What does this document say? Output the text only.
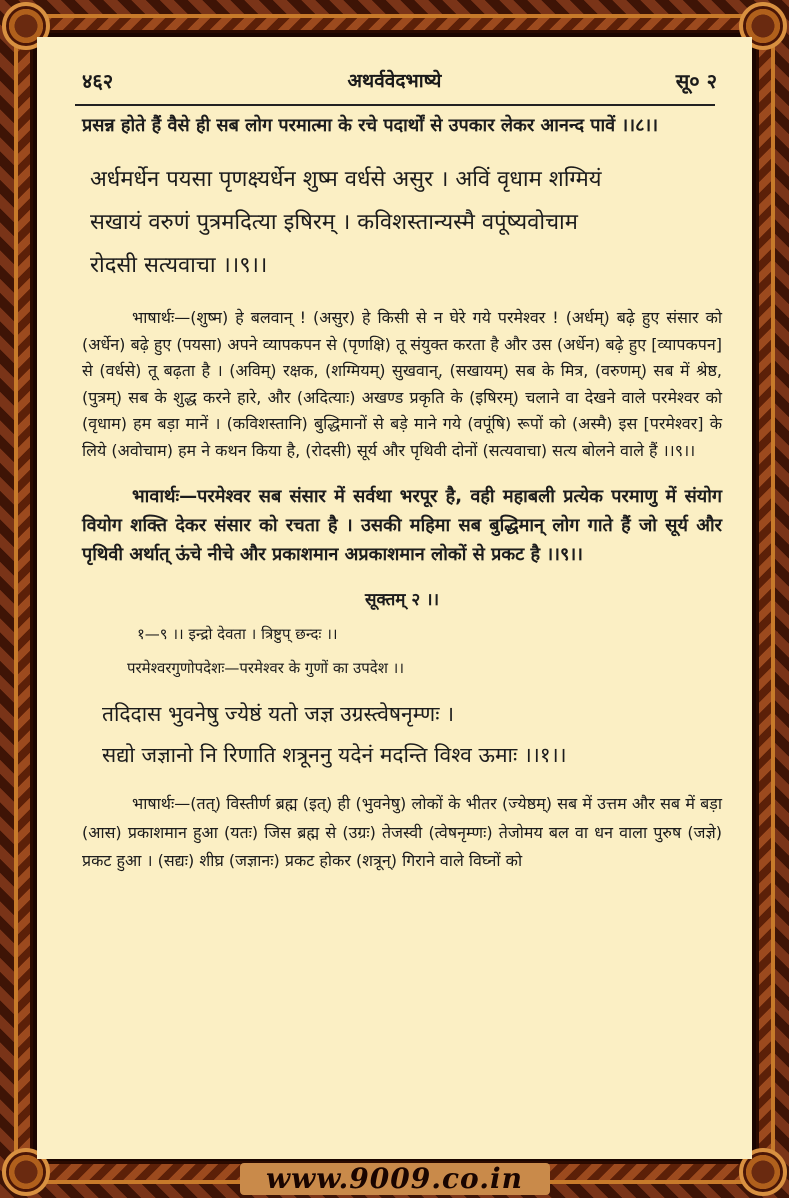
४६२	अथर्ववेदभाष्ये	सू० २

प्रसन्न होते हैं वैसे ही सब लोग परमात्मा के रचे पदार्थों से उपकार लेकर आनन्द पावें ।।८।।

अर्धमर्धेन पयसा पृणक्ष्यर्धेन शुष्म वर्धसे असुर । अविं वृधाम शग्मियं
सखायं वरुणं पुत्रमदित्या इषिरम् । कविशस्तान्यस्मै वपूंष्यवोचाम
रोदसी सत्यवाचा ।।९।।

भाषार्थः—(शुष्म) हे बलवान् ! (असुर) हे किसी से न घेरे गये परमेश्वर ! (अर्धम्) बढ़े हुए संसार को (अर्धेन) बढ़े हुए (पयसा) अपने व्यापकपन से (पृणक्षि) तू संयुक्त करता है और उस (अर्धेन) बढ़े हुए [व्यापकपन] से (वर्धसे) तू बढ़ता है । (अविम्) रक्षक, (शग्मियम्) सुखवान्, (सखायम्) सब के मित्र, (वरुणम्) सब में श्रेष्ठ, (पुत्रम्) सब के शुद्ध करने हारे, और (अदित्याः) अखण्ड प्रकृति के (इषिरम्) चलाने वा देखने वाले परमेश्वर को (वृधाम) हम बड़ा मानें । (कविशस्तानि) बुद्धिमानों से बड़े माने गये (वपूंषि) रूपों को (अस्मै) इस [परमेश्वर] के लिये (अवोचाम) हम ने कथन किया है, (रोदसी) सूर्य और पृथिवी दोनों (सत्यवाचा) सत्य बोलने वाले हैं ।।९।।

भावार्थः—परमेश्वर सब संसार में सर्वथा भरपूर है, वही महाबली प्रत्येक परमाणु में संयोग वियोग शक्ति देकर संसार को रचता है । उसकी महिमा सब बुद्धिमान् लोग गाते हैं जो सूर्य और पृथिवी अर्थात् ऊंचे नीचे और प्रकाशमान अप्रकाशमान लोकों से प्रकट है ।।९।।

सूक्तम् २ ।।

१—९ ।। इन्द्रो देवता । त्रिष्टुप् छन्दः ।।

परमेश्वरगुणोपदेशः—परमेश्वर के गुणों का उपदेश ।।

तदिदास भुवनेषु ज्येष्ठं यतो जज्ञ उग्रस्त्वेषनृम्णः ।
सद्यो जज्ञानो नि रिणाति शत्रूननु यदेनं मदन्ति विश्व ऊमाः ।।१।।

भाषार्थः—(तत्) विस्तीर्ण ब्रह्म (इत्) ही (भुवनेषु) लोकों के भीतर (ज्येष्ठम्) सब में उत्तम और सब में बड़ा (आस) प्रकाशमान हुआ (यतः) जिस ब्रह्म से (उग्रः) तेजस्वी (त्वेषनृम्णः) तेजोमय बल वा धन वाला पुरुष (जज्ञे) प्रकट हुआ । (सद्यः) शीघ्र (जज्ञानः) प्रकट होकर (शत्रून्) गिराने वाले विघ्नों को

www.9009.co.in
